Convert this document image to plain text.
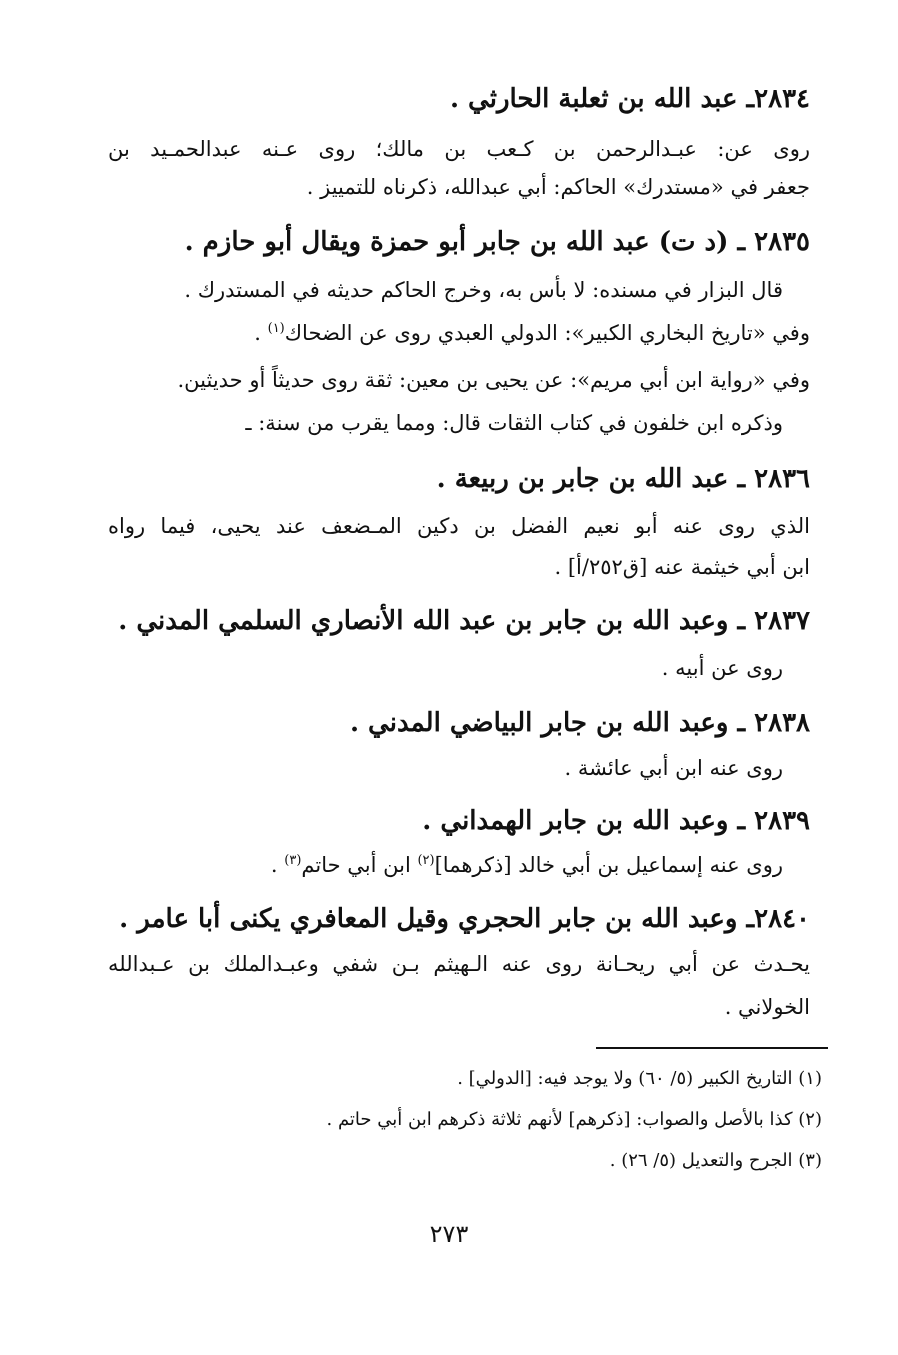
٢٨٣٤ـ عبد الله بن ثعلبة الحارثي .
روى عن: عبـدالرحمن بن كـعب بن مالك؛ روى عـنه عبدالحمـيد بن
جعفر في «مستدرك» الحاكم: أبي عبدالله، ذكرناه للتمييز .
٢٨٣٥ ـ (د ت) عبد الله بن جابر أبو حمزة ويقال أبو حازم .
قال البزار في مسنده: لا بأس به، وخرج الحاكم حديثه في المستدرك .
وفي «تاريخ البخاري الكبير»: الدولي العبدي روى عن الضحاك$^{(١)}$ .
وفي «رواية ابن أبي مريم»: عن يحيى بن معين: ثقة روى حديثاً أو حديثين.
وذكره ابن خلفون في كتاب الثقات قال: ومما يقرب من سنة: ـ
٢٨٣٦ ـ عبد الله بن جابر بن ربيعة .
الذي روى عنه أبو نعيم الفضل بن دكين المـضعف عند يحيى، فيما رواه
ابن أبي خيثمة عنه [ق٢٥٢/أ] .
٢٨٣٧ ـ وعبد الله بن جابر بن عبد الله الأنصاري السلمي المدني .
روى عن أبيه .
٢٨٣٨ ـ وعبد الله بن جابر البياضي المدني .
روى عنه ابن أبي عائشة .
٢٨٣٩ ـ وعبد الله بن جابر الهمداني .
روى عنه إسماعيل بن أبي خالد [ذكرهما]$^{(٢)}$ ابن أبي حاتم$^{(٣)}$ .
٢٨٤٠ـ وعبد الله بن جابر الحجري وقيل المعافري يكنى أبا عامر .
يحـدث عن أبي ريحـانة روى عنه الـهيثم بـن شفي وعبـدالملك بن عـبدالله
الخولاني .
(١) التاريخ الكبير (٥/ ٦٠) ولا يوجد فيه: [الدولي] .
(٢) كذا بالأصل والصواب: [ذكرهم] لأنهم ثلاثة ذكرهم ابن أبي حاتم .
(٣) الجرح والتعديل (٥/ ٢٦) .
٢٧٣
